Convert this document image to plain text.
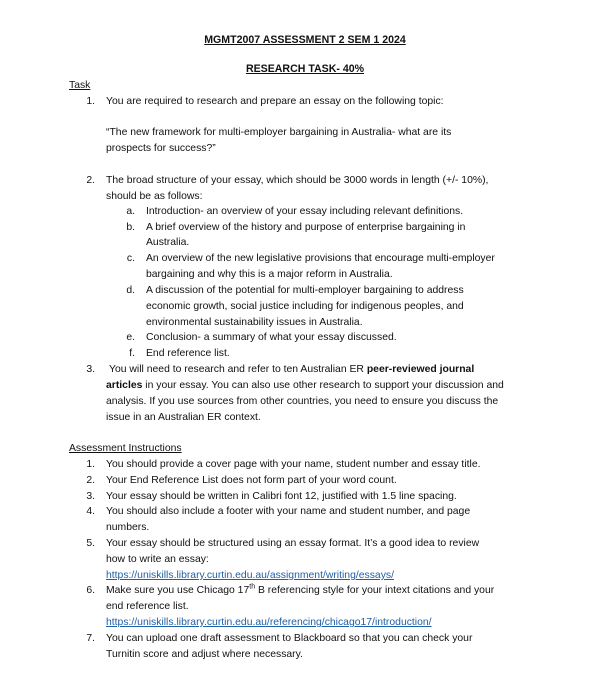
MGMT2007 ASSESSMENT 2 SEM 1 2024
RESEARCH TASK- 40%
Task
1. You are required to research and prepare an essay on the following topic:
“The new framework for multi-employer bargaining in Australia- what are its
prospects for success?”
2. The broad structure of your essay, which should be 3000 words in length (+/- 10%),
should be as follows:
a. Introduction- an overview of your essay including relevant definitions.
b. A brief overview of the history and purpose of enterprise bargaining in
Australia.
c. An overview of the new legislative provisions that encourage multi-employer
bargaining and why this is a major reform in Australia.
d. A discussion of the potential for multi-employer bargaining to address
economic growth, social justice including for indigenous peoples, and
environmental sustainability issues in Australia.
e. Conclusion- a summary of what your essay discussed.
f. End reference list.
3. You will need to research and refer to ten Australian ER peer-reviewed journal
articles in your essay. You can also use other research to support your discussion and
analysis. If you use sources from other countries, you need to ensure you discuss the
issue in an Australian ER context.
Assessment Instructions
1. You should provide a cover page with your name, student number and essay title.
2. Your End Reference List does not form part of your word count.
3. Your essay should be written in Calibri font 12, justified with 1.5 line spacing.
4. You should also include a footer with your name and student number, and page
numbers.
5. Your essay should be structured using an essay format. It’s a good idea to review
how to write an essay:
https://uniskills.library.curtin.edu.au/assignment/writing/essays/
6. Make sure you use Chicago 17th B referencing style for your intext citations and your
end reference list.
https://uniskills.library.curtin.edu.au/referencing/chicago17/introduction/
7. You can upload one draft assessment to Blackboard so that you can check your
Turnitin score and adjust where necessary.
